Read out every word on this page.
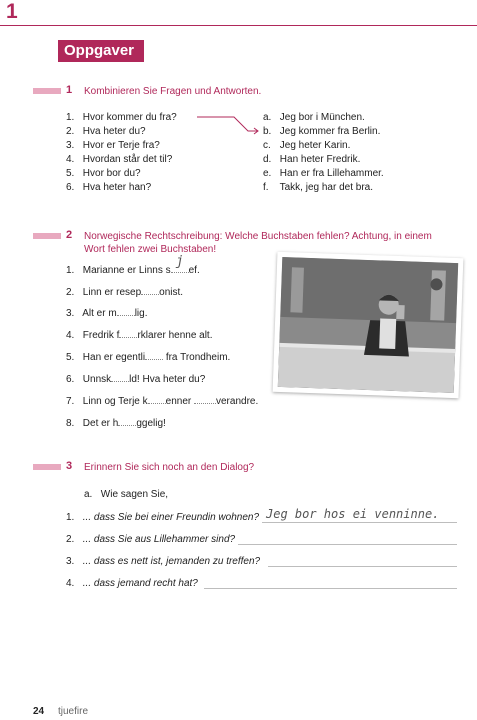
1
Oppgaver
1 Kombinieren Sie Fragen und Antworten.
1. Hvor kommer du fra?
2. Hva heter du?
3. Hvor er Terje fra?
4. Hvordan står det til?
5. Hvor bor du?
6. Hva heter han?
a. Jeg bor i München.
b. Jeg kommer fra Berlin.
c. Jeg heter Karin.
d. Han heter Fredrik.
e. Han er fra Lillehammer.
f. Takk, jeg har det bra.
2 Norwegische Rechtschreibung: Welche Buchstaben fehlen? Achtung, in einem
Wort fehlen zwei Buchstaben!
1. Marianne er Linns s
j
ef.
2. Linn er resep onist.
3. Alt er m lig.
4. Fredrik f rklarer henne alt.
5. Han er egentli fra Trondheim.
6. Unnsk ld! Hva heter du?
7. Linn og Terje k enner verandre.
8. Det er h ggelig!
3 Erinnern Sie sich noch an den Dialog?
a. Wie sagen Sie,
1. ... dass Sie bei einer Freundin wohnen? Jeg bor hos ei venninne.
2. ... dass Sie aus Lillehammer sind?
3. ... dass es nett ist, jemanden zu treffen?
4. ... dass jemand recht hat?
24 tjuefire
